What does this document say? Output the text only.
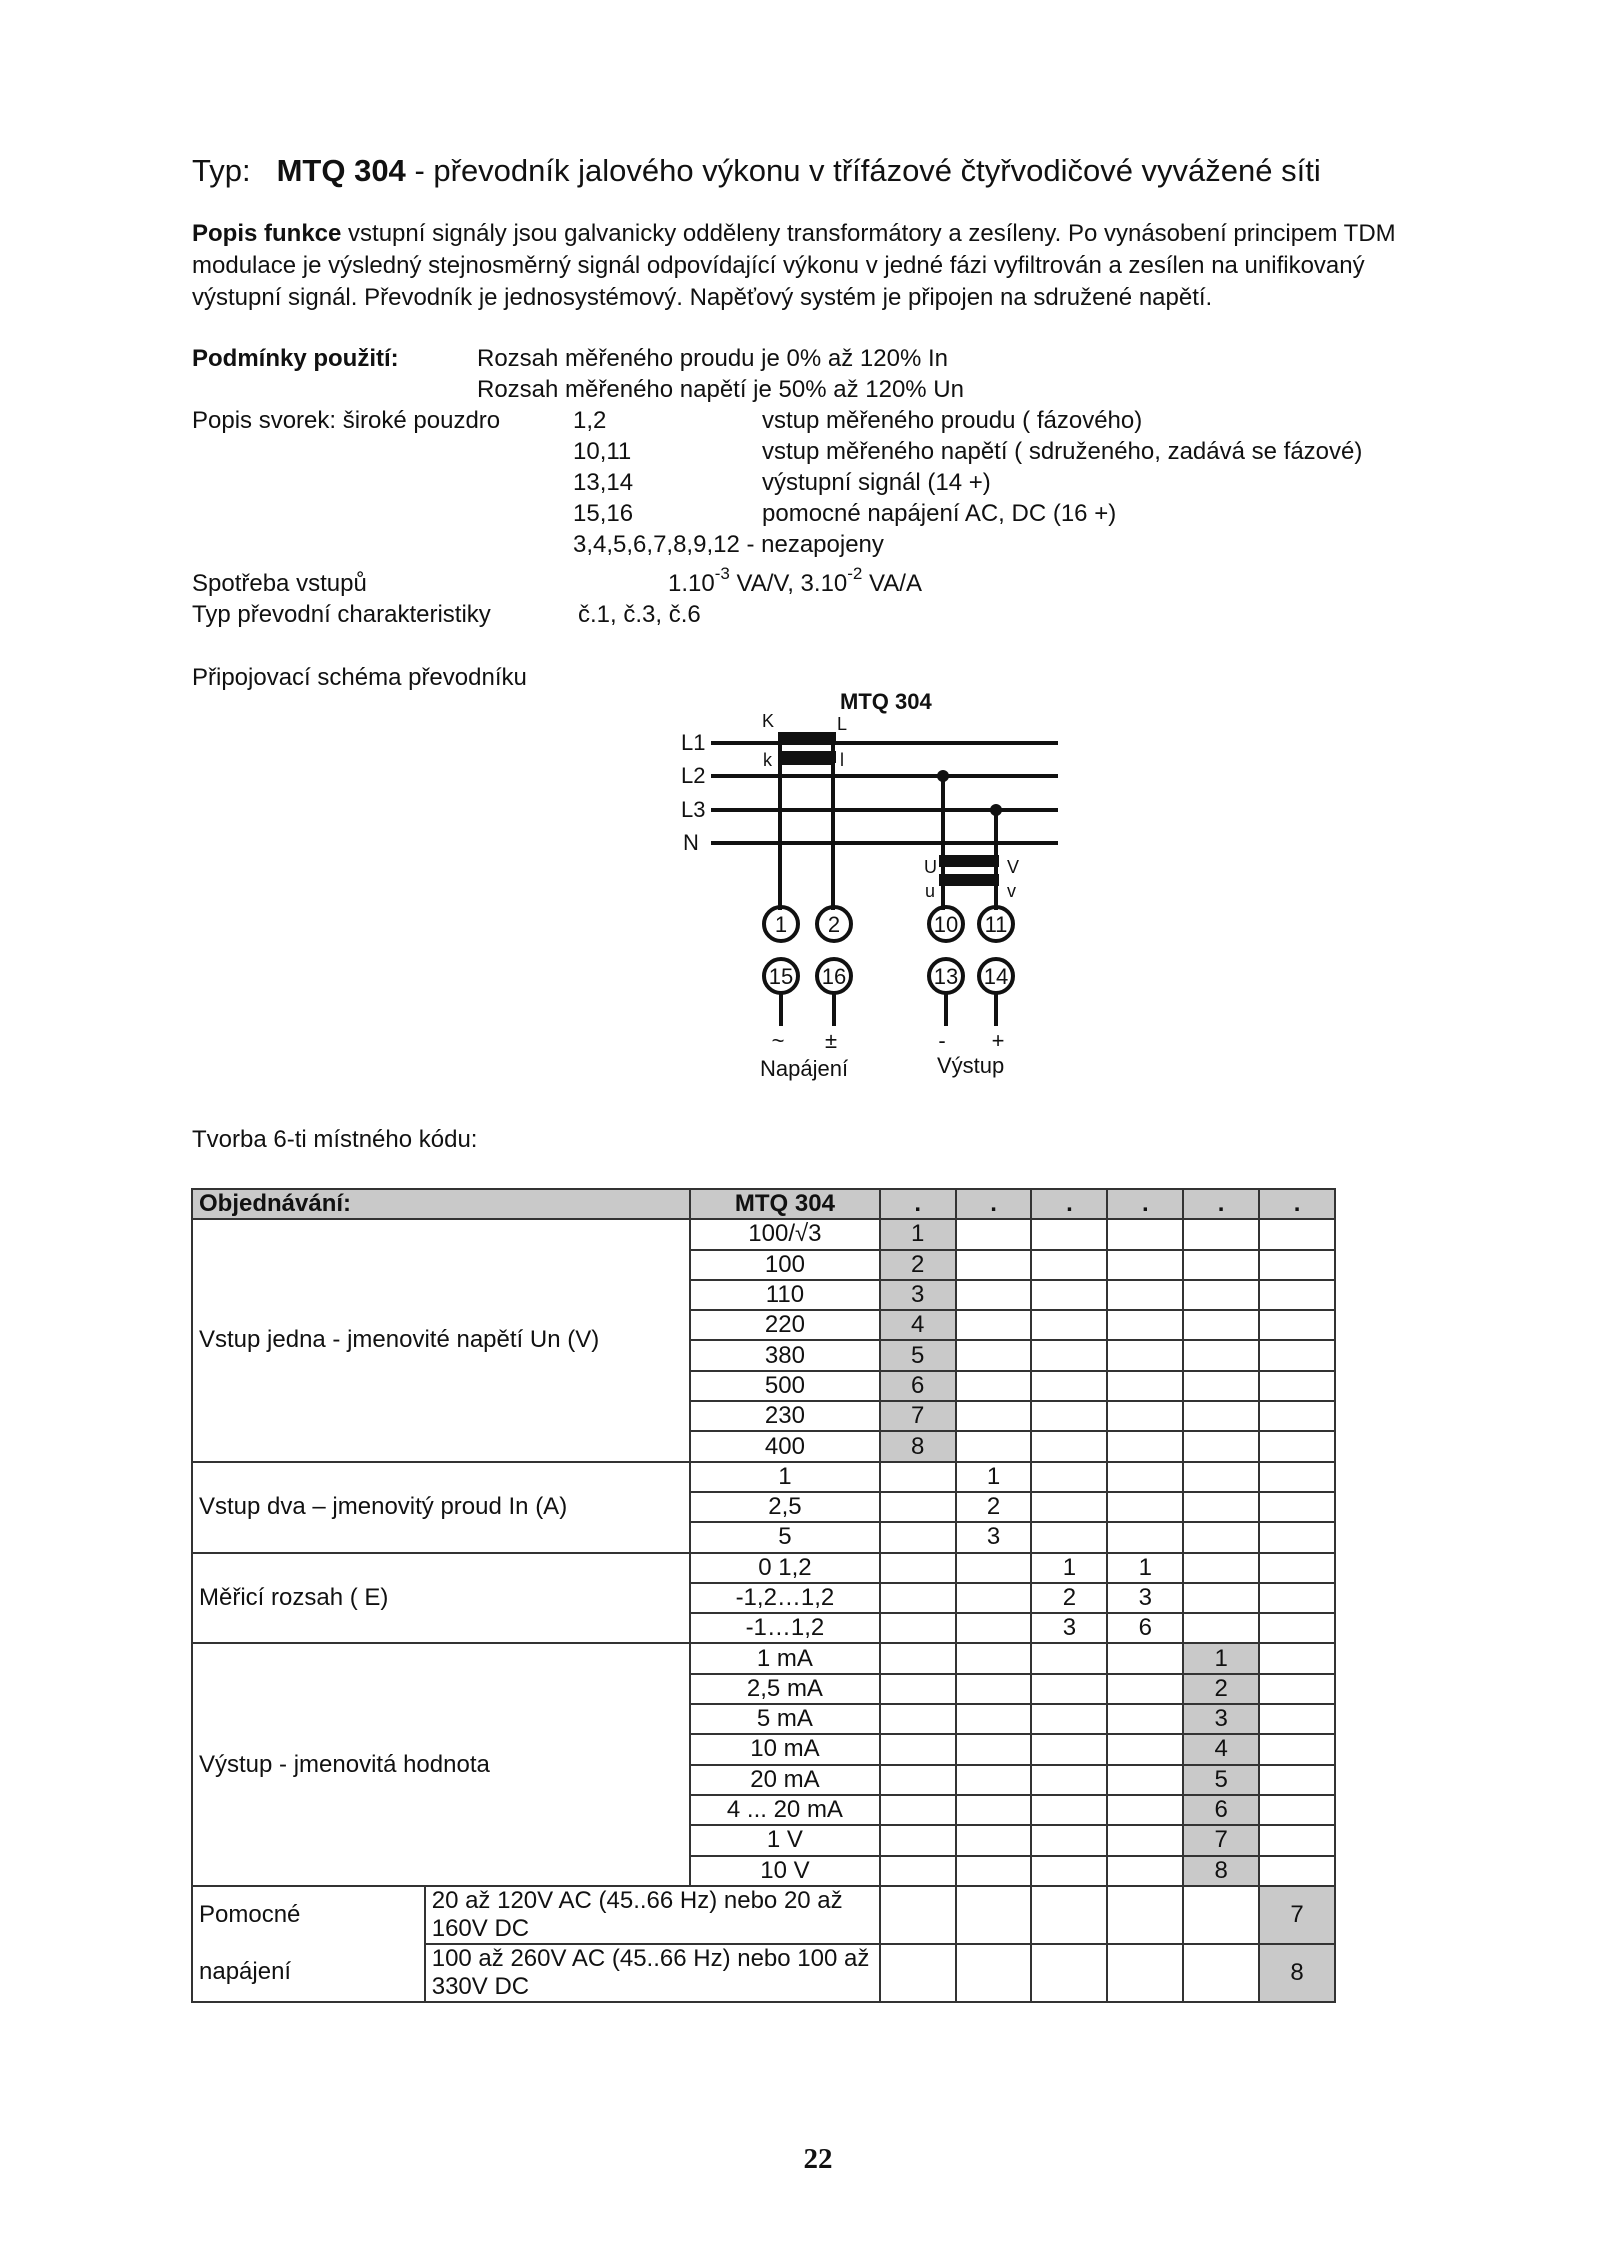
Typ: MTQ 304 - převodník jalového výkonu v třífázové čtyřvodičové vyvážené síti
Popis funkce vstupní signály jsou galvanicky odděleny transformátory a zesíleny. Po vynásobení principem TDM modulace je výsledný stejnosměrný signál odpovídající výkonu v jedné fázi vyfiltrován a zesílen na unifikovaný výstupní signál. Převodník je jednosystémový. Napěťový systém je připojen na sdružené napětí.
Podmínky použití:	Rozsah měřeného proudu je 0% až 120% In
Rozsah měřeného napětí je 50% až 120% Un
Popis svorek: široké pouzdro	1,2	vstup měřeného proudu ( fázového)
10,11	vstup měřeného napětí ( sdruženého, zadává se fázové)
13,14	výstupní signál (14 +)
15,16	pomocné napájení AC, DC (16 +)
3,4,5,6,7,8,9,12 - nezapojeny
Spotřeba vstupů	$1.10^{-3}$ VA/V, $3.10^{-2}$ VA/A
Typ převodní charakteristiky	č.1, č.3, č.6
Připojovací schéma převodníku
L1
L2
L3
N
MTQ 304
K	L
k	l
U	V
u	v
1 2	10 11
15 16	13 14
~ ±	- +
Napájení	Výstup
Tvorba 6-ti místného kódu:
Objednávání:		MTQ 304	.	.	.	.	.	.
Vstup jedna - jmenovité napětí Un (V)		100/√3	1					
		100	2					
		110	3					
		220	4					
		380	5					
		500	6					
		230	7					
		400	8					
Vstup dva – jmenovitý proud In (A)		1		1				
		2,5		2				
		5		3				
Měřicí rozsah ( E)		0 1,2			1	1		
		-1,2…1,2			2	3		
		-1…1,2			3	6		
Výstup - jmenovitá hodnota		1 mA					1	
		2,5 mA					2	
		5 mA					3	
		10 mA					4	
		20 mA					5	
		4 ... 20 mA					6	
		1 V					7	
		10 V					8	
Pomocné	20 až 120V AC (45..66 Hz) nebo 20 až 160V DC							7
napájení	100 až 260V AC (45..66 Hz) nebo 100 až 330V DC							8
22
